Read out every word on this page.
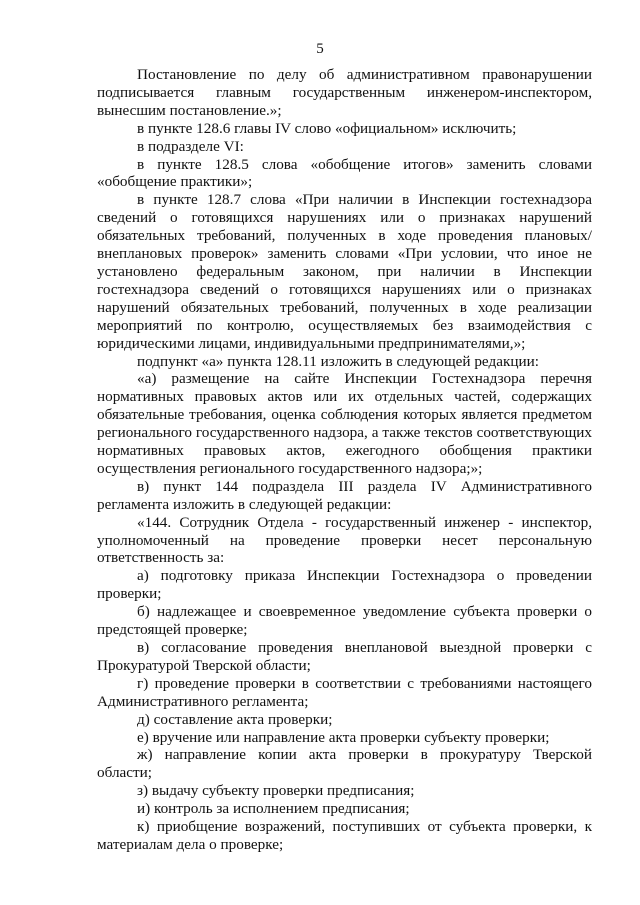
5

Постановление по делу об административном правонарушении подписывается главным государственным инженером-инспектором, вынесшим постановление.»;

в пункте 128.6 главы IV слово «официальном» исключить;

в подразделе VI:

в пункте 128.5 слова «обобщение итогов» заменить словами «обобщение практики»;

в пункте 128.7 слова «При наличии в Инспекции гостехнадзора сведений о готовящихся нарушениях или о признаках нарушений обязательных требований, полученных в ходе проведения плановых/внеплановых проверок» заменить словами «При условии, что иное не установлено федеральным законом, при наличии в Инспекции гостехнадзора сведений о готовящихся нарушениях или о признаках нарушений обязательных требований, полученных в ходе реализации мероприятий по контролю, осуществляемых без взаимодействия с юридическими лицами, индивидуальными предпринимателями,»;

подпункт «а» пункта 128.11 изложить в следующей редакции:

«а) размещение на сайте Инспекции Гостехнадзора перечня нормативных правовых актов или их отдельных частей, содержащих обязательные требования, оценка соблюдения которых является предметом регионального государственного надзора, а также текстов соответствующих нормативных правовых актов, ежегодного обобщения практики осуществления регионального государственного надзора;»;

в) пункт 144 подраздела III раздела IV Административного регламента изложить в следующей редакции:

«144. Сотрудник Отдела - государственный инженер - инспектор, уполномоченный на проведение проверки несет персональную ответственность за:

а) подготовку приказа Инспекции Гостехнадзора о проведении проверки;

б) надлежащее и своевременное уведомление субъекта проверки о предстоящей проверке;

в) согласование проведения внеплановой выездной проверки с Прокуратурой Тверской области;

г) проведение проверки в соответствии с требованиями настоящего Административного регламента;

д) составление акта проверки;

е) вручение или направление акта проверки субъекту проверки;

ж) направление копии акта проверки в прокуратуру Тверской области;

з) выдачу субъекту проверки предписания;

и) контроль за исполнением предписания;

к) приобщение возражений, поступивших от субъекта проверки, к материалам дела о проверке;
